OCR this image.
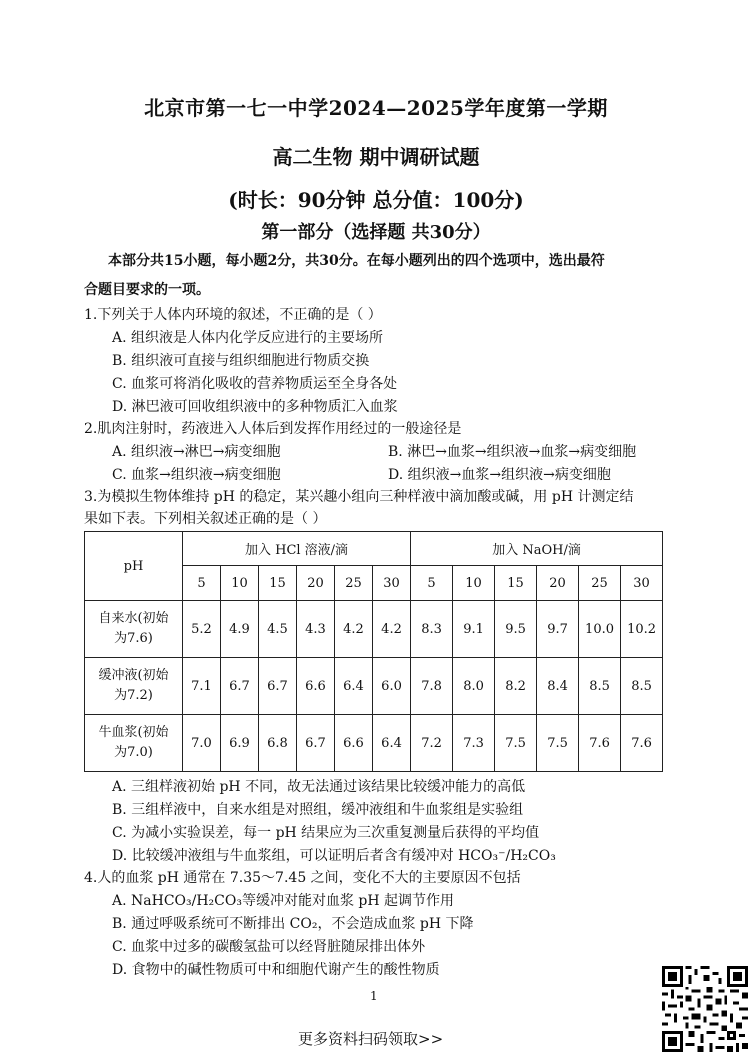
北京市第一七一中学2024—2025学年度第一学期
高二生物 期中调研试题
(时长：90分钟 总分值：100分)
第一部分（选择题 共30分）
本部分共15小题，每小题2分，共30分。在每小题列出的四个选项中，选出最符
合题目要求的一项。
1.下列关于人体内环境的叙述，不正确的是（ ）
A. 组织液是人体内化学反应进行的主要场所
B. 组织液可直接与组织细胞进行物质交换
C. 血浆可将消化吸收的营养物质运至全身各处
D. 淋巴液可回收组织液中的多种物质汇入血浆
2.肌肉注射时，药液进入人体后到发挥作用经过的一般途径是
A. 组织液→淋巴→病变细胞	B. 淋巴→血浆→组织液→血浆→病变细胞
C. 血浆→组织液→病变细胞	D. 组织液→血浆→组织液→病变细胞
3.为模拟生物体维持 pH 的稳定，某兴趣小组向三种样液中滴加酸或碱，用 pH 计测定结
果如下表。下列相关叙述正确的是（ ）
pH	加入 HCl 溶液/滴						加入 NaOH/滴					
	5	10	15	20	25	30	5	10	15	20	25	30
自来水(初始
为7.6)	5.2	4.9	4.5	4.3	4.2	4.2	8.3	9.1	9.5	9.7	10.0	10.2
缓冲液(初始
为7.2)	7.1	6.7	6.7	6.6	6.4	6.0	7.8	8.0	8.2	8.4	8.5	8.5
牛血浆(初始
为7.0)	7.0	6.9	6.8	6.7	6.6	6.4	7.2	7.3	7.5	7.5	7.6	7.6
A. 三组样液初始 pH 不同，故无法通过该结果比较缓冲能力的高低
B. 三组样液中，自来水组是对照组，缓冲液组和牛血浆组是实验组
C. 为减小实验误差，每一 pH 结果应为三次重复测量后获得的平均值
D. 比较缓冲液组与牛血浆组，可以证明后者含有缓冲对 HCO₃⁻/H₂CO₃
4.人的血浆 pH 通常在 7.35～7.45 之间，变化不大的主要原因不包括
A. NaHCO₃/H₂CO₃等缓冲对能对血浆 pH 起调节作用
B. 通过呼吸系统可不断排出 CO₂，不会造成血浆 pH 下降
C. 血浆中过多的碳酸氢盐可以经肾脏随尿排出体外
D. 食物中的碱性物质可中和细胞代谢产生的酸性物质
1
更多资料扫码领取>>
